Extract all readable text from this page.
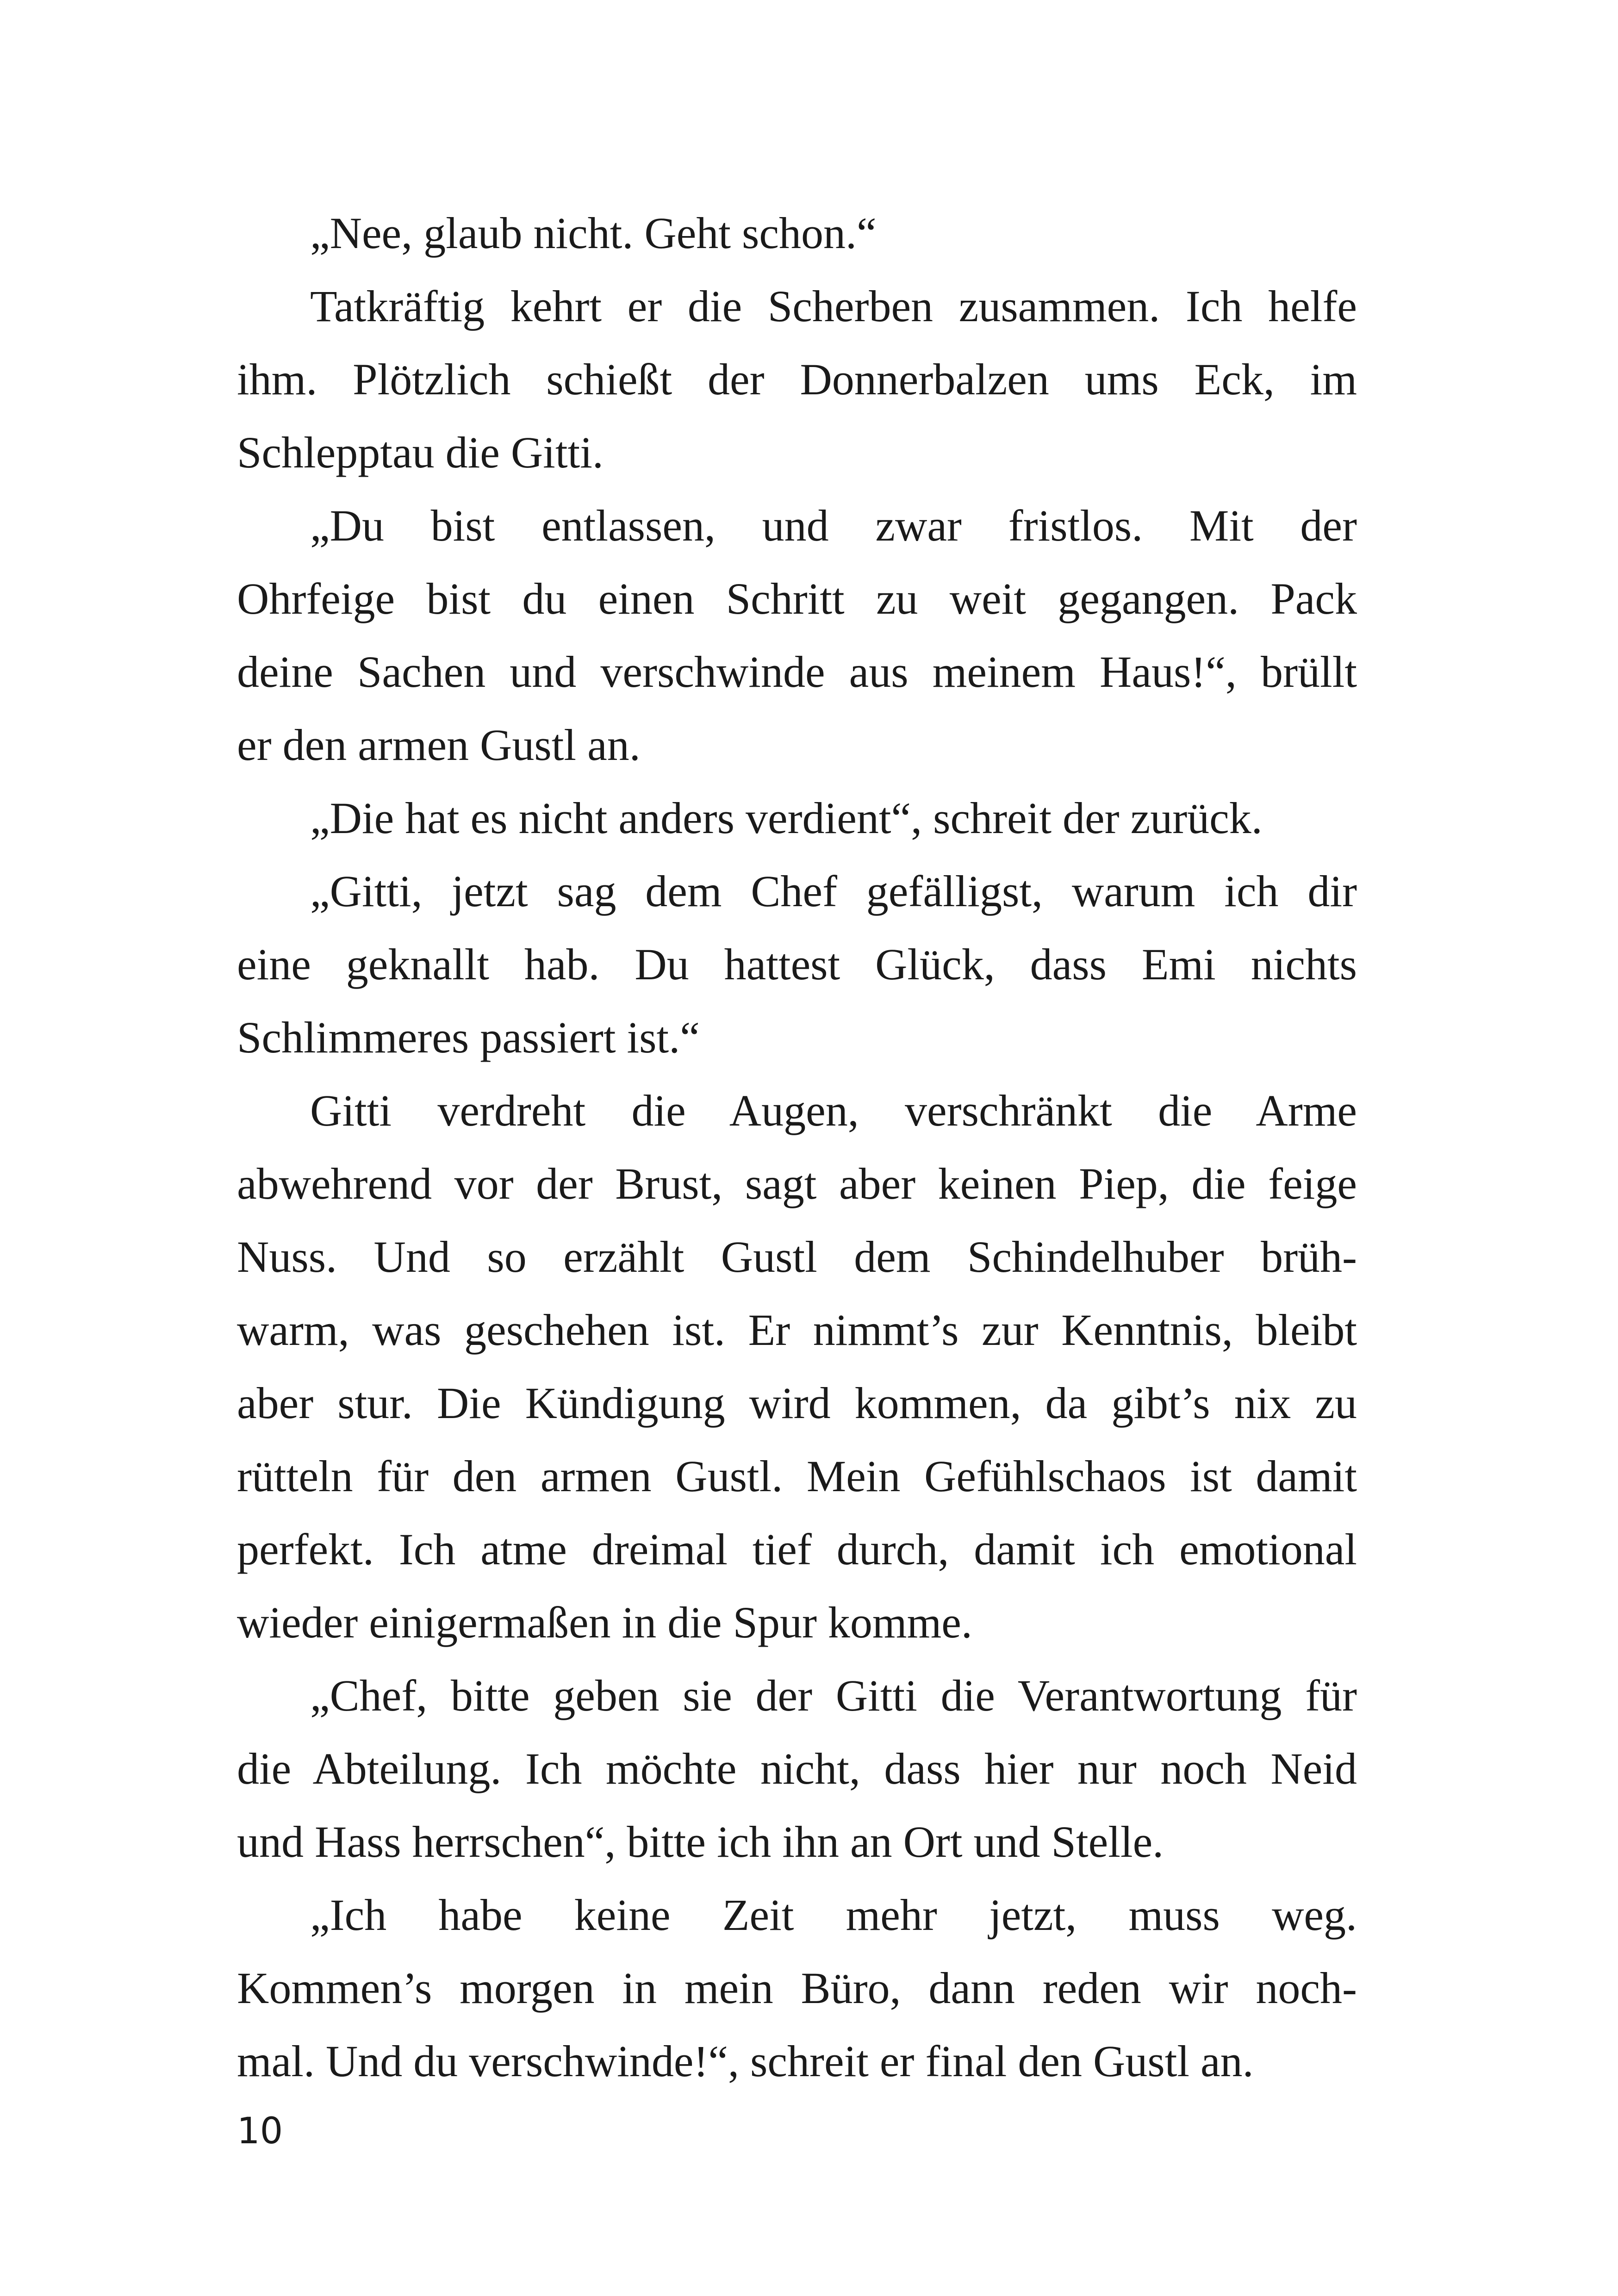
„Nee, glaub nicht. Geht schon.“
Tatkräftig kehrt er die Scherben zusammen. Ich helfe
ihm. Plötzlich schießt der Donnerbalzen ums Eck, im
Schlepptau die Gitti.
„Du bist entlassen, und zwar fristlos. Mit der
Ohrfeige bist du einen Schritt zu weit gegangen. Pack
deine Sachen und verschwinde aus meinem Haus!“, brüllt
er den armen Gustl an.
„Die hat es nicht anders verdient“, schreit der zurück.
„Gitti, jetzt sag dem Chef gefälligst, warum ich dir
eine geknallt hab. Du hattest Glück, dass Emi nichts
Schlimmeres passiert ist.“
Gitti verdreht die Augen, verschränkt die Arme
abwehrend vor der Brust, sagt aber keinen Piep, die feige
Nuss. Und so erzählt Gustl dem Schindelhuber brüh-
warm, was geschehen ist. Er nimmt’s zur Kenntnis, bleibt
aber stur. Die Kündigung wird kommen, da gibt’s nix zu
rütteln für den armen Gustl. Mein Gefühlschaos ist damit
perfekt. Ich atme dreimal tief durch, damit ich emotional
wieder einigermaßen in die Spur komme.
„Chef, bitte geben sie der Gitti die Verantwortung für
die Abteilung. Ich möchte nicht, dass hier nur noch Neid
und Hass herrschen“, bitte ich ihn an Ort und Stelle.
„Ich habe keine Zeit mehr jetzt, muss weg.
Kommen’s morgen in mein Büro, dann reden wir noch-
mal. Und du verschwinde!“, schreit er final den Gustl an.
10
